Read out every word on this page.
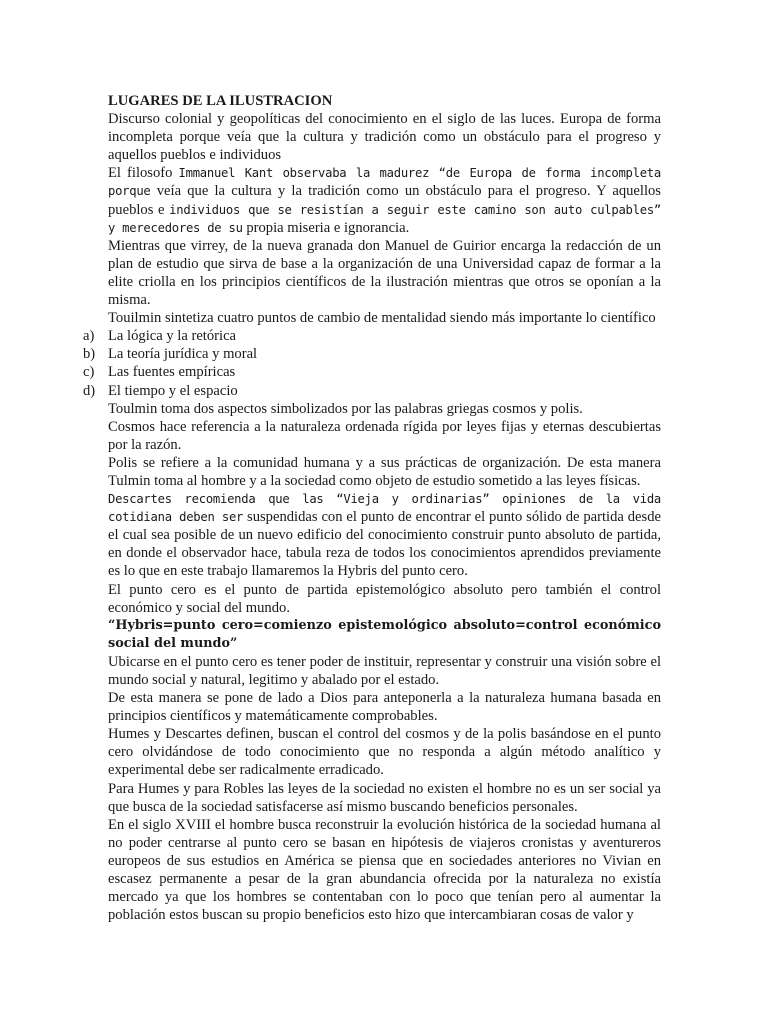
LUGARES DE LA ILUSTRACION

Discurso colonial y geopolíticas del conocimiento en el siglo de las luces. Europa de forma incompleta porque veía que la cultura y tradición como un obstáculo para el progreso y aquellos pueblos e individuos

El filosofo Immanuel Kant observaba la madurez “de Europa de forma incompleta porque veía que la cultura y la tradición como un obstáculo para el progreso. Y aquellos pueblos e individuos que se resistían a seguir este camino son auto culpables” y merecedores de su propia miseria e ignorancia.

Mientras que virrey, de la nueva granada don Manuel de Guirior encarga la redacción de un plan de estudio que sirva de base a la organización de una Universidad capaz de formar a la elite criolla en los principios científicos de la ilustración mientras que otros se oponían a la misma.

Touilmin sintetiza cuatro puntos de cambio de mentalidad siendo más importante lo científico

a) La lógica y la retórica
b) La teoría jurídica y moral
c) Las fuentes empíricas
d) El tiempo y el espacio

Toulmin toma dos aspectos simbolizados por las palabras griegas cosmos y polis.

Cosmos hace referencia a la naturaleza ordenada rígida por leyes fijas y eternas descubiertas por la razón.

Polis se refiere a la comunidad humana y a sus prácticas de organización. De esta manera Tulmin toma al hombre y a la sociedad como objeto de estudio sometido a las leyes físicas.

Descartes recomienda que las “Vieja y ordinarias” opiniones de la vida cotidiana deben ser suspendidas con el punto de encontrar el punto sólido de partida desde el cual sea posible de un nuevo edificio del conocimiento construir punto absoluto de partida, en donde el observador hace, tabula reza de todos los conocimientos aprendidos previamente es lo que en este trabajo llamaremos la Hybris del punto cero.

El punto cero es el punto de partida epistemológico absoluto pero también el control económico y social del mundo.

“Hybris=punto cero=comienzo epistemológico absoluto=control económico social del mundo”

Ubicarse en el punto cero es tener poder de instituir, representar y construir una visión sobre el mundo social y natural, legitimo y abalado por el estado.

De esta manera se pone de lado a Dios para anteponerla a la naturaleza humana basada en principios científicos y matemáticamente comprobables.

Humes y Descartes definen, buscan el control del cosmos y de la polis basándose en el punto cero olvidándose de todo conocimiento que no responda a algún método analítico y experimental debe ser radicalmente erradicado.

Para Humes y para Robles las leyes de la sociedad no existen el hombre no es un ser social ya que busca de la sociedad satisfacerse así mismo buscando beneficios personales.

En el siglo XVIII el hombre busca reconstruir la evolución histórica de la sociedad humana al no poder centrarse al punto cero se basan en hipótesis de viajeros cronistas y aventureros europeos de sus estudios en América se piensa que en sociedades anteriores no Vivian en escasez permanente a pesar de la gran abundancia ofrecida por la naturaleza no existía mercado ya que los hombres se contentaban con lo poco que tenían pero al aumentar la población estos buscan su propio beneficios esto hizo que intercambiaran cosas de valor y
